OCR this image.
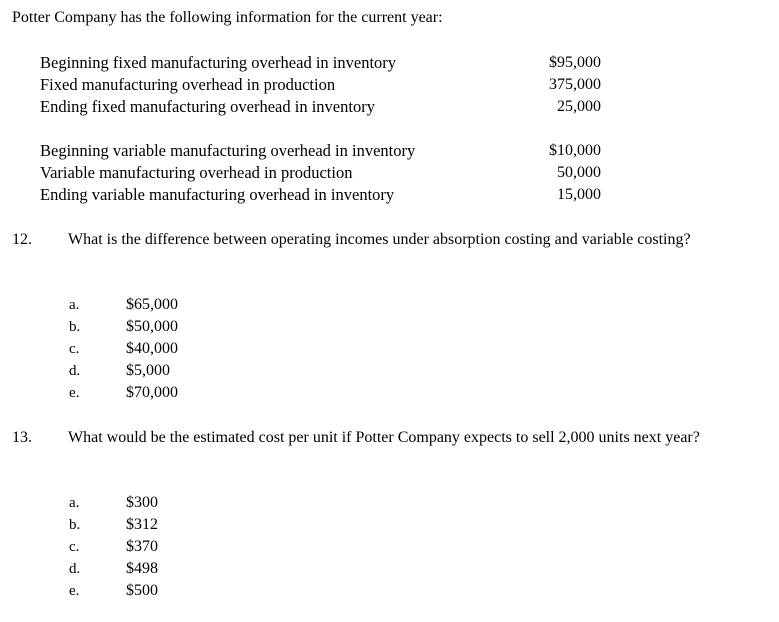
Potter Company has the following information for the current year:
Beginning fixed manufacturing overhead in inventory	$95,000
Fixed manufacturing overhead in production	375,000
Ending fixed manufacturing overhead in inventory	25,000
Beginning variable manufacturing overhead in inventory	$10,000
Variable manufacturing overhead in production	50,000
Ending variable manufacturing overhead in inventory	15,000
12. What is the difference between operating incomes under absorption costing and variable costing?
a.	$65,000
b.	$50,000
c.	$40,000
d.	$5,000
e.	$70,000
13. What would be the estimated cost per unit if Potter Company expects to sell 2,000 units next year?
a.	$300
b.	$312
c.	$370
d.	$498
e.	$500
